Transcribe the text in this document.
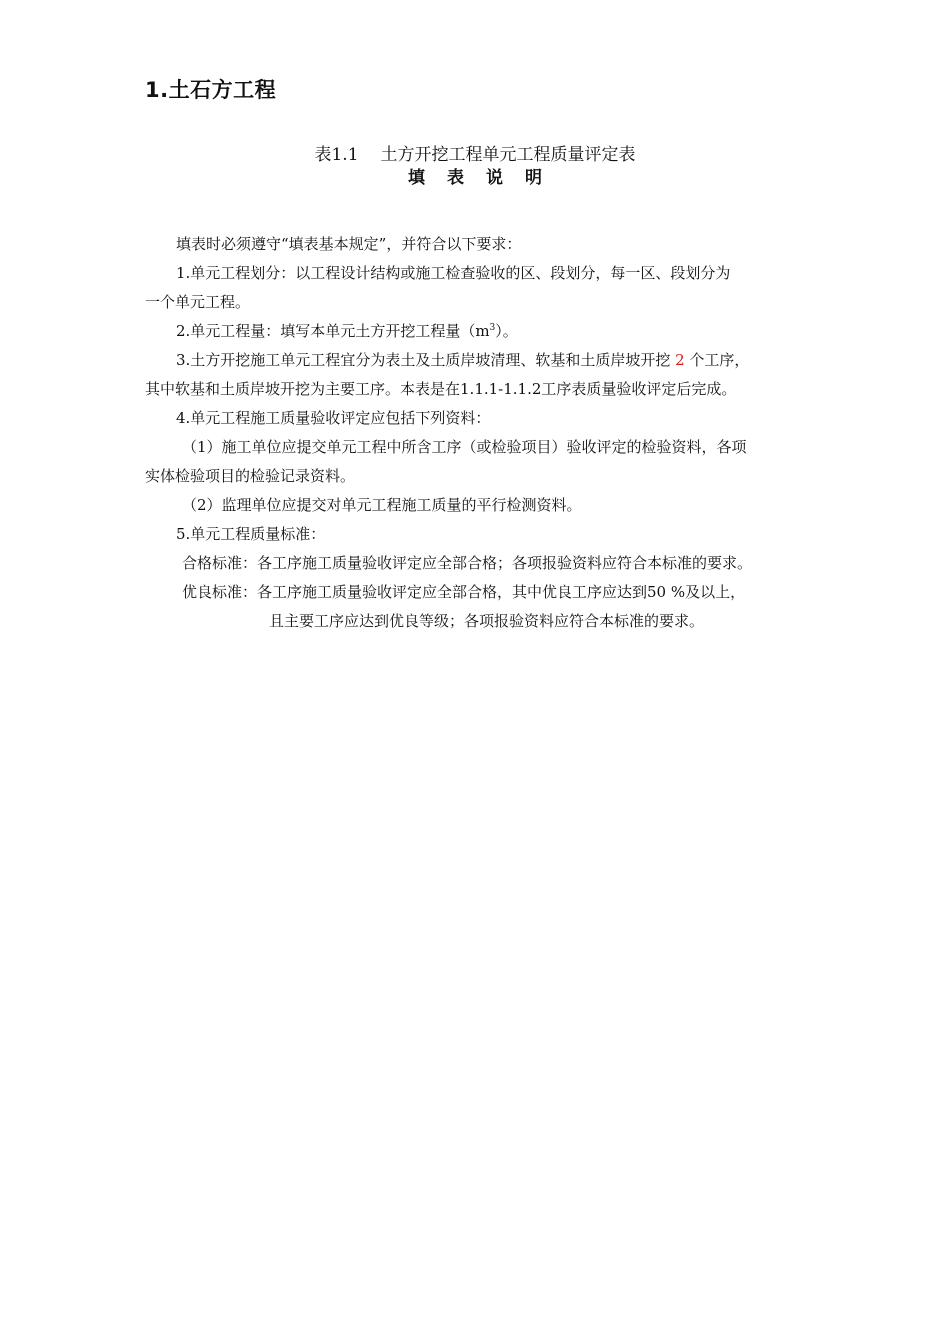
1.土石方工程
表1.1 土方开挖工程单元工程质量评定表
填表说明

填表时必须遵守“填表基本规定”，并符合以下要求：

1.单元工程划分：以工程设计结构或施工检查验收的区、段划分，每一区、段划分为

一个单元工程。

2.单元工程量：填写本单元土方开挖工程量$(m^3)$。

3.土方开挖施工单元工程宜分为表土及土质岸坡清理、软基和土质岸坡开挖 2 个工序，

其中软基和土质岸坡开挖为主要工序。本表是在1.1.1-1.1.2工序表质量验收评定后完成。

4.单元工程施工质量验收评定应包括下列资料：

（1）施工单位应提交单元工程中所含工序（或检验项目）验收评定的检验资料，各项

实体检验项目的检验记录资料。

（2）监理单位应提交对单元工程施工质量的平行检测资料。

5.单元工程质量标准：

合格标准：各工序施工质量验收评定应全部合格；各项报验资料应符合本标准的要求。

优良标准：各工序施工质量验收评定应全部合格，其中优良工序应达到50 %及以上，

且主要工序应达到优良等级；各项报验资料应符合本标准的要求。
